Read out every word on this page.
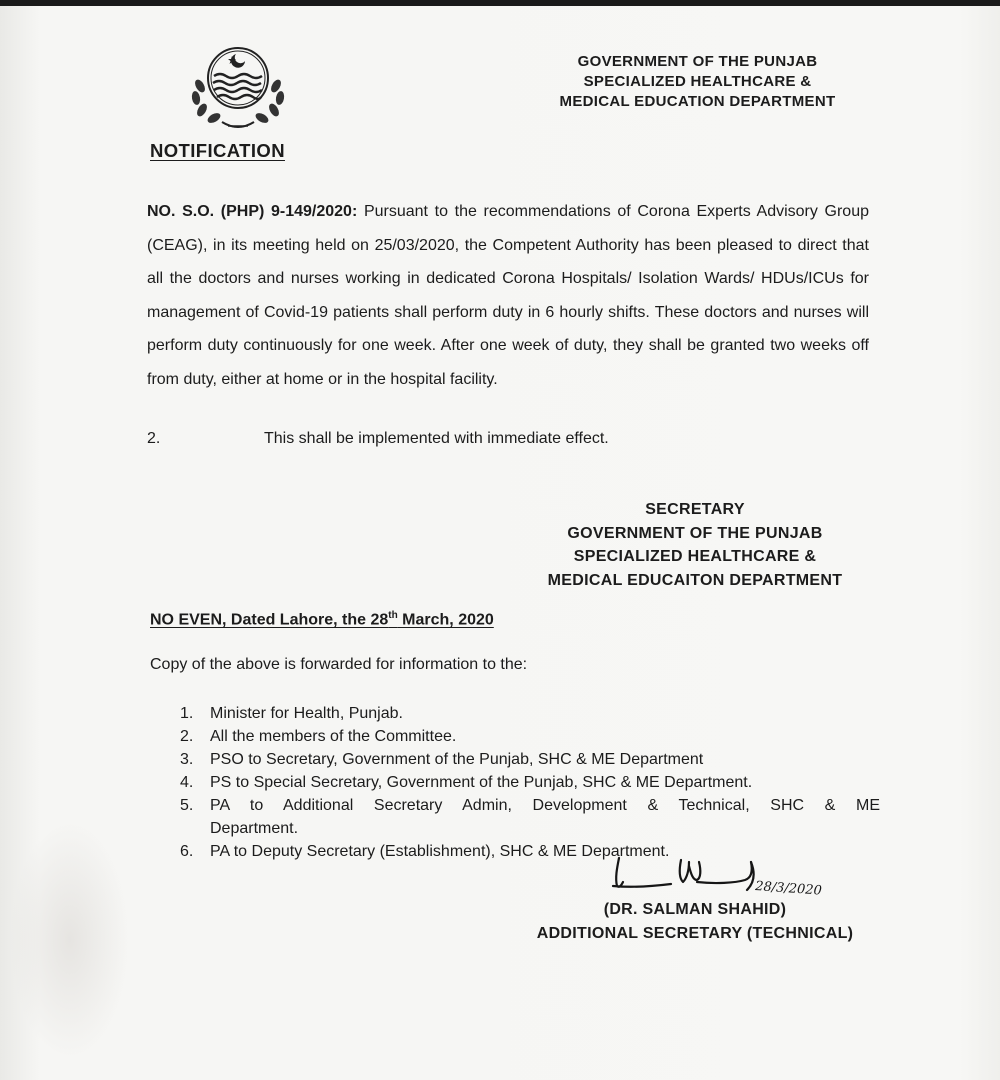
GOVERNMENT OF THE PUNJAB
SPECIALIZED HEALTHCARE &
MEDICAL EDUCATION DEPARTMENT
NOTIFICATION
NO. S.O. (PHP) 9-149/2020: Pursuant to the recommendations of Corona Experts Advisory Group (CEAG), in its meeting held on 25/03/2020, the Competent Authority has been pleased to direct that all the doctors and nurses working in dedicated Corona Hospitals/ Isolation Wards/ HDUs/ICUs for management of Covid-19 patients shall perform duty in 6 hourly shifts. These doctors and nurses will perform duty continuously for one week. After one week of duty, they shall be granted two weeks off from duty, either at home or in the hospital facility.
2.	This shall be implemented with immediate effect.
SECRETARY
GOVERNMENT OF THE PUNJAB
SPECIALIZED HEALTHCARE &
MEDICAL EDUCAITON DEPARTMENT
NO EVEN, Dated Lahore, the 28th March, 2020
Copy of the above is forwarded for information to the:
1. Minister for Health, Punjab.
2. All the members of the Committee.
3. PSO to Secretary, Government of the Punjab, SHC & ME Department
4. PS to Special Secretary, Government of the Punjab, SHC & ME Department.
5. PA to Additional Secretary Admin, Development & Technical, SHC & ME
Department.
6. PA to Deputy Secretary (Establishment), SHC & ME Department.
28/3/2020
(DR. SALMAN SHAHID)
ADDITIONAL SECRETARY (TECHNICAL)
